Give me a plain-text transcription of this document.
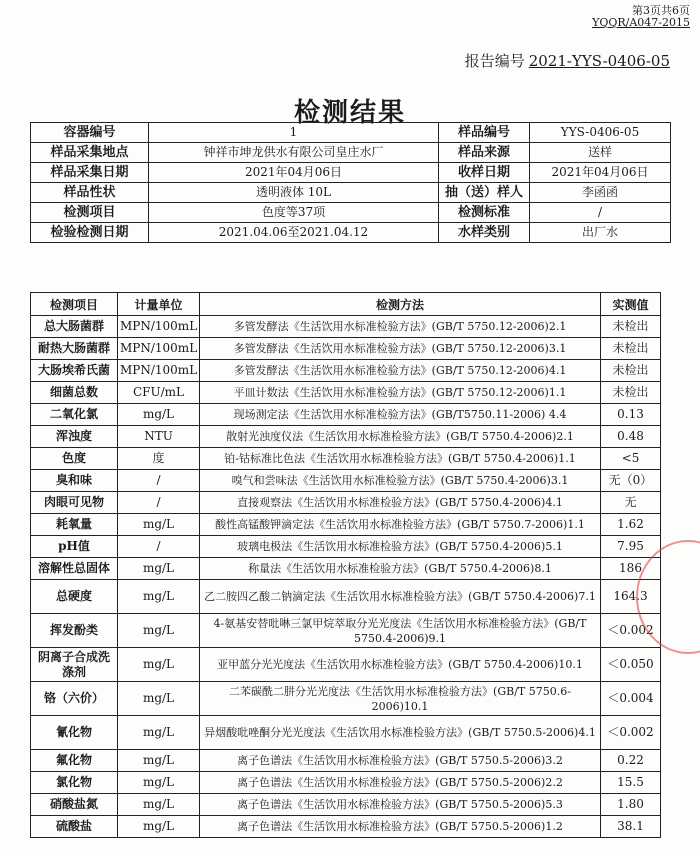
第3页共6页
YQQR/A047-2015
报告编号 2021-YYS-0406-05
检测结果
容器编号	1	样品编号	YYS-0406-05
样品采集地点	钟祥市坤龙供水有限公司皇庄水厂	样品来源	送样
样品采集日期	2021年04月06日	收样日期	2021年04月06日
样品性状	透明液体 10L	抽（送）样人	李函函
检测项目	色度等37项	检测标准	/
检验检测日期	2021.04.06至2021.04.12	水样类别	出厂水
检测项目	计量单位	检测方法	实测值
总大肠菌群	MPN/100mL	多管发酵法《生活饮用水标准检验方法》(GB/T 5750.12-2006)2.1	未检出
耐热大肠菌群	MPN/100mL	多管发酵法《生活饮用水标准检验方法》(GB/T 5750.12-2006)3.1	未检出
大肠埃希氏菌	MPN/100mL	多管发酵法《生活饮用水标准检验方法》(GB/T 5750.12-2006)4.1	未检出
细菌总数	CFU/mL	平皿计数法《生活饮用水标准检验方法》(GB/T 5750.12-2006)1.1	未检出
二氧化氯	mg/L	现场测定法《生活饮用水标准检验方法》(GB/T5750.11-2006) 4.4	0.13
浑浊度	NTU	散射光浊度仪法《生活饮用水标准检验方法》(GB/T 5750.4-2006)2.1	0.48
色度	度	铂-钴标准比色法《生活饮用水标准检验方法》(GB/T 5750.4-2006)1.1	<5
臭和味	/	嗅气和尝味法《生活饮用水标准检验方法》(GB/T 5750.4-2006)3.1	无（0）
肉眼可见物	/	直接观察法《生活饮用水标准检验方法》(GB/T 5750.4-2006)4.1	无
耗氧量	mg/L	酸性高锰酸钾滴定法《生活饮用水标准检验方法》(GB/T 5750.7-2006)1.1	1.62
pH值	/	玻璃电极法《生活饮用水标准检验方法》(GB/T 5750.4-2006)5.1	7.95
溶解性总固体	mg/L	称量法《生活饮用水标准检验方法》(GB/T 5750.4-2006)8.1	186
总硬度	mg/L	乙二胺四乙酸二钠滴定法《生活饮用水标准检验方法》(GB/T 5750.4-2006)7.1	164.3
挥发酚类	mg/L	4-氨基安替吡啉三氯甲烷萃取分光光度法《生活饮用水标准检验方法》(GB/T 5750.4-2006)9.1	＜0.002
阴离子合成洗涤剂	mg/L	亚甲蓝分光光度法《生活饮用水标准检验方法》(GB/T 5750.4-2006)10.1	＜0.050
铬（六价）	mg/L	二苯碳酰二肼分光光度法《生活饮用水标准检验方法》(GB/T 5750.6-2006)10.1	＜0.004
氰化物	mg/L	异烟酸吡唑酮分光光度法《生活饮用水标准检验方法》(GB/T 5750.5-2006)4.1	＜0.002
氟化物	mg/L	离子色谱法《生活饮用水标准检验方法》(GB/T 5750.5-2006)3.2	0.22
氯化物	mg/L	离子色谱法《生活饮用水标准检验方法》(GB/T 5750.5-2006)2.2	15.5
硝酸盐氮	mg/L	离子色谱法《生活饮用水标准检验方法》(GB/T 5750.5-2006)5.3	1.80
硫酸盐	mg/L	离子色谱法《生活饮用水标准检验方法》(GB/T 5750.5-2006)1.2	38.1
